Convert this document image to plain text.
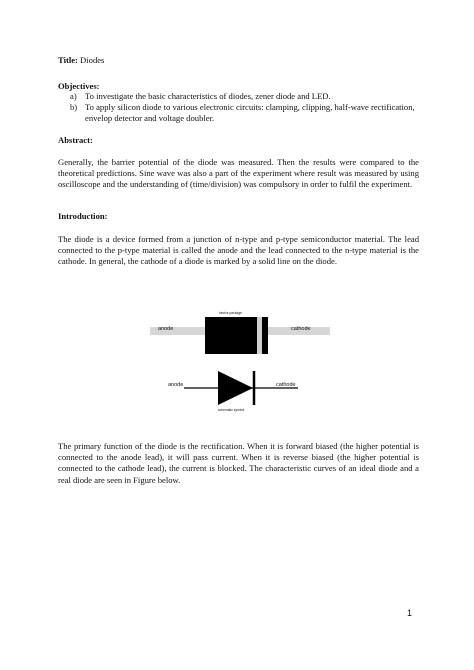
Title: Diodes
Objectives:
a) To investigate the basic characteristics of diodes, zener diode and LED.
b) To apply silicon diode to various electronic circuits: clamping, clipping, half-wave rectification, envelop detector and voltage doubler.
Abstract:
Generally, the barrier potential of the diode was measured. Then the results were compared to the theoretical predictions. Sine wave was also a part of the experiment where result was measured by using oscilloscope and the understanding of (time/division) was compulsory in order to fulfil the experiment.
Introduction:
The diode is a device formed from a junction of n-type and p-type semiconductor material. The lead connected to the p-type material is called the anode and the lead connected to the n-type material is the cathode. In general, the cathode of a diode is marked by a solid line on the diode.
anode	cathode
device package
anode	cathode
schematic symbol
The primary function of the diode is the rectification. When it is forward biased (the higher potential is connected to the anode lead), it will pass current. When it is reverse biased (the higher potential is connected to the cathode lead), the current is blocked. The characteristic curves of an ideal diode and a real diode are seen in Figure below.
1
